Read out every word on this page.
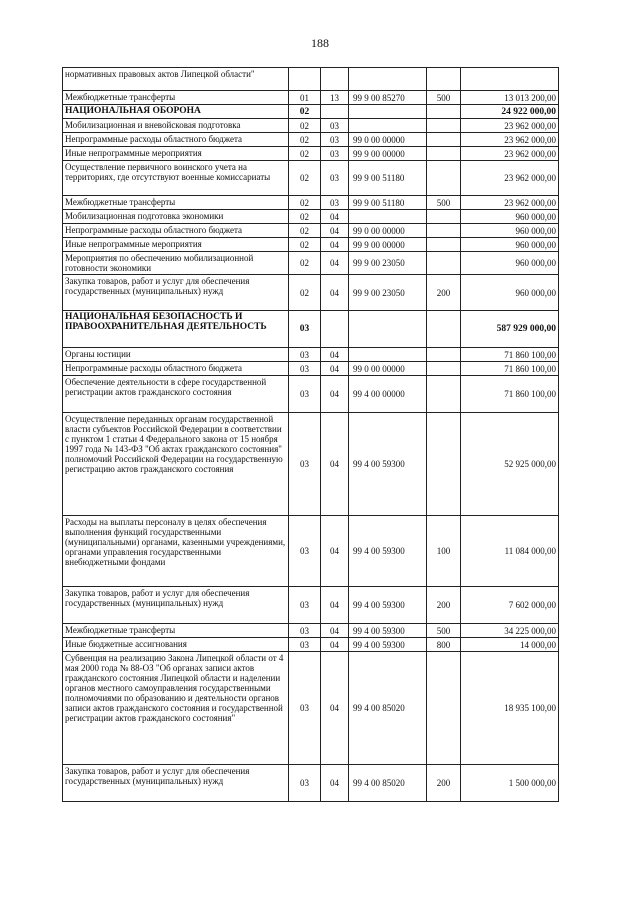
188
нормативных правовых актов Липецкой области"					
Межбюджетные трансферты	01	13	99 9 00 85270	500	13 013 200,00
НАЦИОНАЛЬНАЯ ОБОРОНА	02				24 922 000,00
Мобилизационная и вневойсковая подготовка	02	03			23 962 000,00
Непрограммные расходы областного бюджета	02	03	99 0 00 00000		23 962 000,00
Иные непрограммные мероприятия	02	03	99 9 00 00000		23 962 000,00
Осуществление первичного воинского учета на территориях, где отсутствуют военные комиссариаты	02	03	99 9 00 51180		23 962 000,00
Межбюджетные трансферты	02	03	99 9 00 51180	500	23 962 000,00
Мобилизационная подготовка экономики	02	04			960 000,00
Непрограммные расходы областного бюджета	02	04	99 0 00 00000		960 000,00
Иные непрограммные мероприятия	02	04	99 9 00 00000		960 000,00
Мероприятия по обеспечению мобилизационной готовности экономики	02	04	99 9 00 23050		960 000,00
Закупка товаров, работ и услуг для обеспечения государственных (муниципальных) нужд	02	04	99 9 00 23050	200	960 000,00
НАЦИОНАЛЬНАЯ БЕЗОПАСНОСТЬ И ПРАВООХРАНИТЕЛЬНАЯ ДЕЯТЕЛЬНОСТЬ	03				587 929 000,00
Органы юстиции	03	04			71 860 100,00
Непрограммные расходы областного бюджета	03	04	99 0 00 00000		71 860 100,00
Обеспечение деятельности в сфере государственной регистрации актов гражданского состояния	03	04	99 4 00 00000		71 860 100,00
Осуществление переданных органам государственной власти субъектов Российской Федерации в соответствии с пунктом 1 статьи 4 Федерального закона от 15 ноября 1997 года № 143-ФЗ "Об актах гражданского состояния" полномочий Российской Федерации на государственную регистрацию актов гражданского состояния	03	04	99 4 00 59300		52 925 000,00
Расходы на выплаты персоналу в целях обеспечения выполнения функций государственными (муниципальными) органами, казенными учреждениями, органами управления государственными внебюджетными фондами	03	04	99 4 00 59300	100	11 084 000,00
Закупка товаров, работ и услуг для обеспечения государственных (муниципальных) нужд	03	04	99 4 00 59300	200	7 602 000,00
Межбюджетные трансферты	03	04	99 4 00 59300	500	34 225 000,00
Иные бюджетные ассигнования	03	04	99 4 00 59300	800	14 000,00
Субвенция на реализацию Закона Липецкой области от 4 мая 2000 года № 88-ОЗ "Об органах записи актов гражданского состояния Липецкой области и наделении органов местного самоуправления государственными полномочиями по образованию и деятельности органов записи актов гражданского состояния и государственной регистрации актов гражданского состояния"	03	04	99 4 00 85020		18 935 100,00
Закупка товаров, работ и услуг для обеспечения государственных (муниципальных) нужд	03	04	99 4 00 85020	200	1 500 000,00
